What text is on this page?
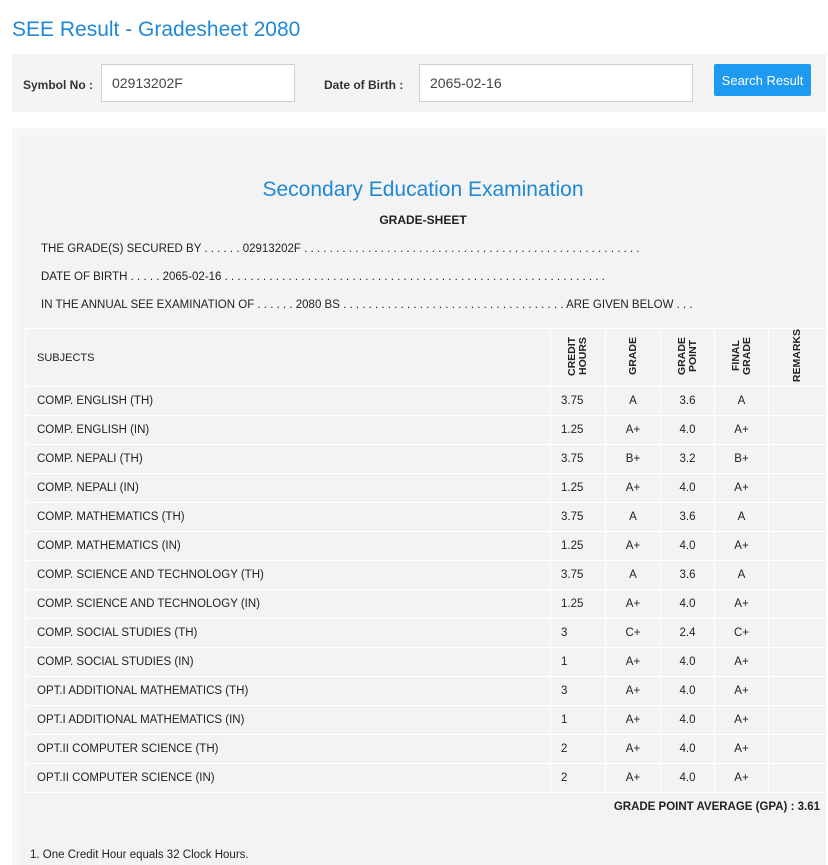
SEE Result - Gradesheet 2080
Symbol No :
02913202F	Date of Birth :
2065-02-16	Search Result
Secondary Education Examination
GRADE-SHEET
THE GRADE(S) SECURED BY . . . . . . 02913202F . . . . . . . . . . . . . . . . . . . . . . . . . . . . . . . . . . . . . . . . . . . . . . . . . . . . .
DATE OF BIRTH . . . . . 2065-02-16 . . . . . . . . . . . . . . . . . . . . . . . . . . . . . . . . . . . . . . . . . . . . . . . . . . . . . . . . . . . .
IN THE ANNUAL SEE EXAMINATION OF . . . . . . 2080 BS . . . . . . . . . . . . . . . . . . . . . . . . . . . . . . . . . . . ARE GIVEN BELOW . . .
SUBJECTS	CREDIT HOURS	GRADE	GRADE POINT	FINAL GRADE	REMARKS
COMP. ENGLISH (TH)	3.75	A	3.6	A	
COMP. ENGLISH (IN)	1.25	A+	4.0	A+	
COMP. NEPALI (TH)	3.75	B+	3.2	B+	
COMP. NEPALI (IN)	1.25	A+	4.0	A+	
COMP. MATHEMATICS (TH)	3.75	A	3.6	A	
COMP. MATHEMATICS (IN)	1.25	A+	4.0	A+	
COMP. SCIENCE AND TECHNOLOGY (TH)	3.75	A	3.6	A	
COMP. SCIENCE AND TECHNOLOGY (IN)	1.25	A+	4.0	A+	
COMP. SOCIAL STUDIES (TH)	3	C+	2.4	C+	
COMP. SOCIAL STUDIES (IN)	1	A+	4.0	A+	
OPT.I ADDITIONAL MATHEMATICS (TH)	3	A+	4.0	A+	
OPT.I ADDITIONAL MATHEMATICS (IN)	1	A+	4.0	A+	
OPT.II COMPUTER SCIENCE (TH)	2	A+	4.0	A+	
OPT.II COMPUTER SCIENCE (IN)	2	A+	4.0	A+	
GRADE POINT AVERAGE (GPA) : 3.61
1. One Credit Hour equals 32 Clock Hours.
